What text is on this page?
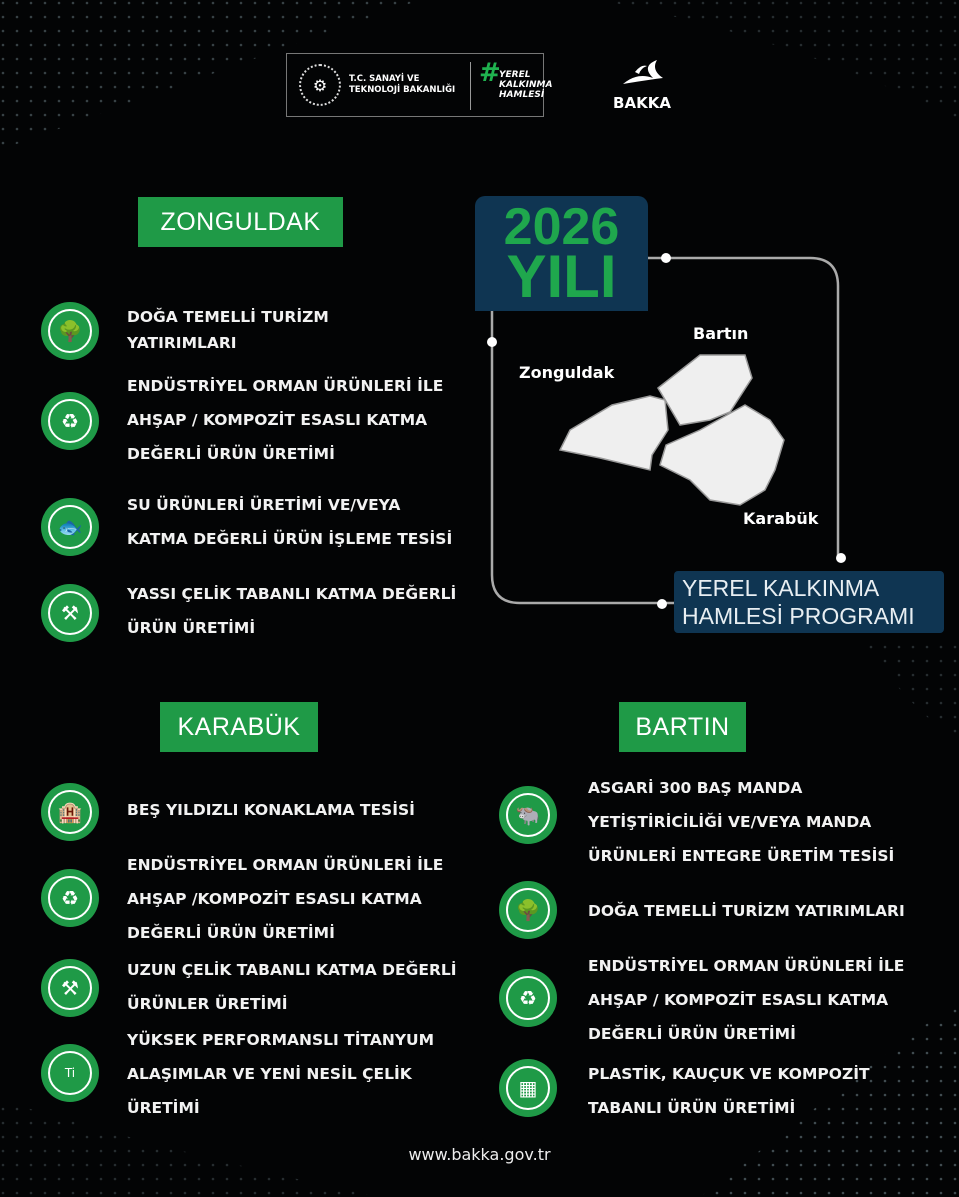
⚙	T.C. SANAYİ VE
TEKNOLOJİ BAKANLIĞI
#
YEREL
KALKINMA
HAMLESİ	BAKKA
2026
YILI
Bartın
Zonguldak
Karabük
YEREL KALKINMA
HAMLESİ PROGRAMI
ZONGULDAK
KARABÜK	BARTIN
🌳
DOĞA TEMELLİ TURİZM
YATIRIMLARI
♻
ENDÜSTRİYEL ORMAN ÜRÜNLERİ İLE
AHŞAP / KOMPOZİT ESASLI KATMA
DEĞERLİ ÜRÜN ÜRETİMİ
🐟
SU ÜRÜNLERİ ÜRETİMİ VE/VEYA
KATMA DEĞERLİ ÜRÜN İŞLEME TESİSİ
⚒
YASSI ÇELİK TABANLI KATMA DEĞERLİ
ÜRÜN ÜRETİMİ
🏨	BEŞ YILDIZLI KONAKLAMA TESİSİ
♻
ENDÜSTRİYEL ORMAN ÜRÜNLERİ İLE
AHŞAP /KOMPOZİT ESASLI KATMA
DEĞERLİ ÜRÜN ÜRETİMİ
⚒
UZUN ÇELİK TABANLI KATMA DEĞERLİ
ÜRÜNLER ÜRETİMİ
Ti
YÜKSEK PERFORMANSLI TİTANYUM
ALAŞIMLAR VE YENİ NESİL ÇELİK
ÜRETİMİ
🐃
ASGARİ 300 BAŞ MANDA
YETİŞTİRİCİLİĞİ VE/VEYA MANDA
ÜRÜNLERİ ENTEGRE ÜRETİM TESİSİ
🌳	DOĞA TEMELLİ TURİZM YATIRIMLARI
♻
ENDÜSTRİYEL ORMAN ÜRÜNLERİ İLE
AHŞAP / KOMPOZİT ESASLI KATMA
DEĞERLİ ÜRÜN ÜRETİMİ
▦
PLASTİK, KAUÇUK VE KOMPOZİT
TABANLI ÜRÜN ÜRETİMİ
www.bakka.gov.tr
